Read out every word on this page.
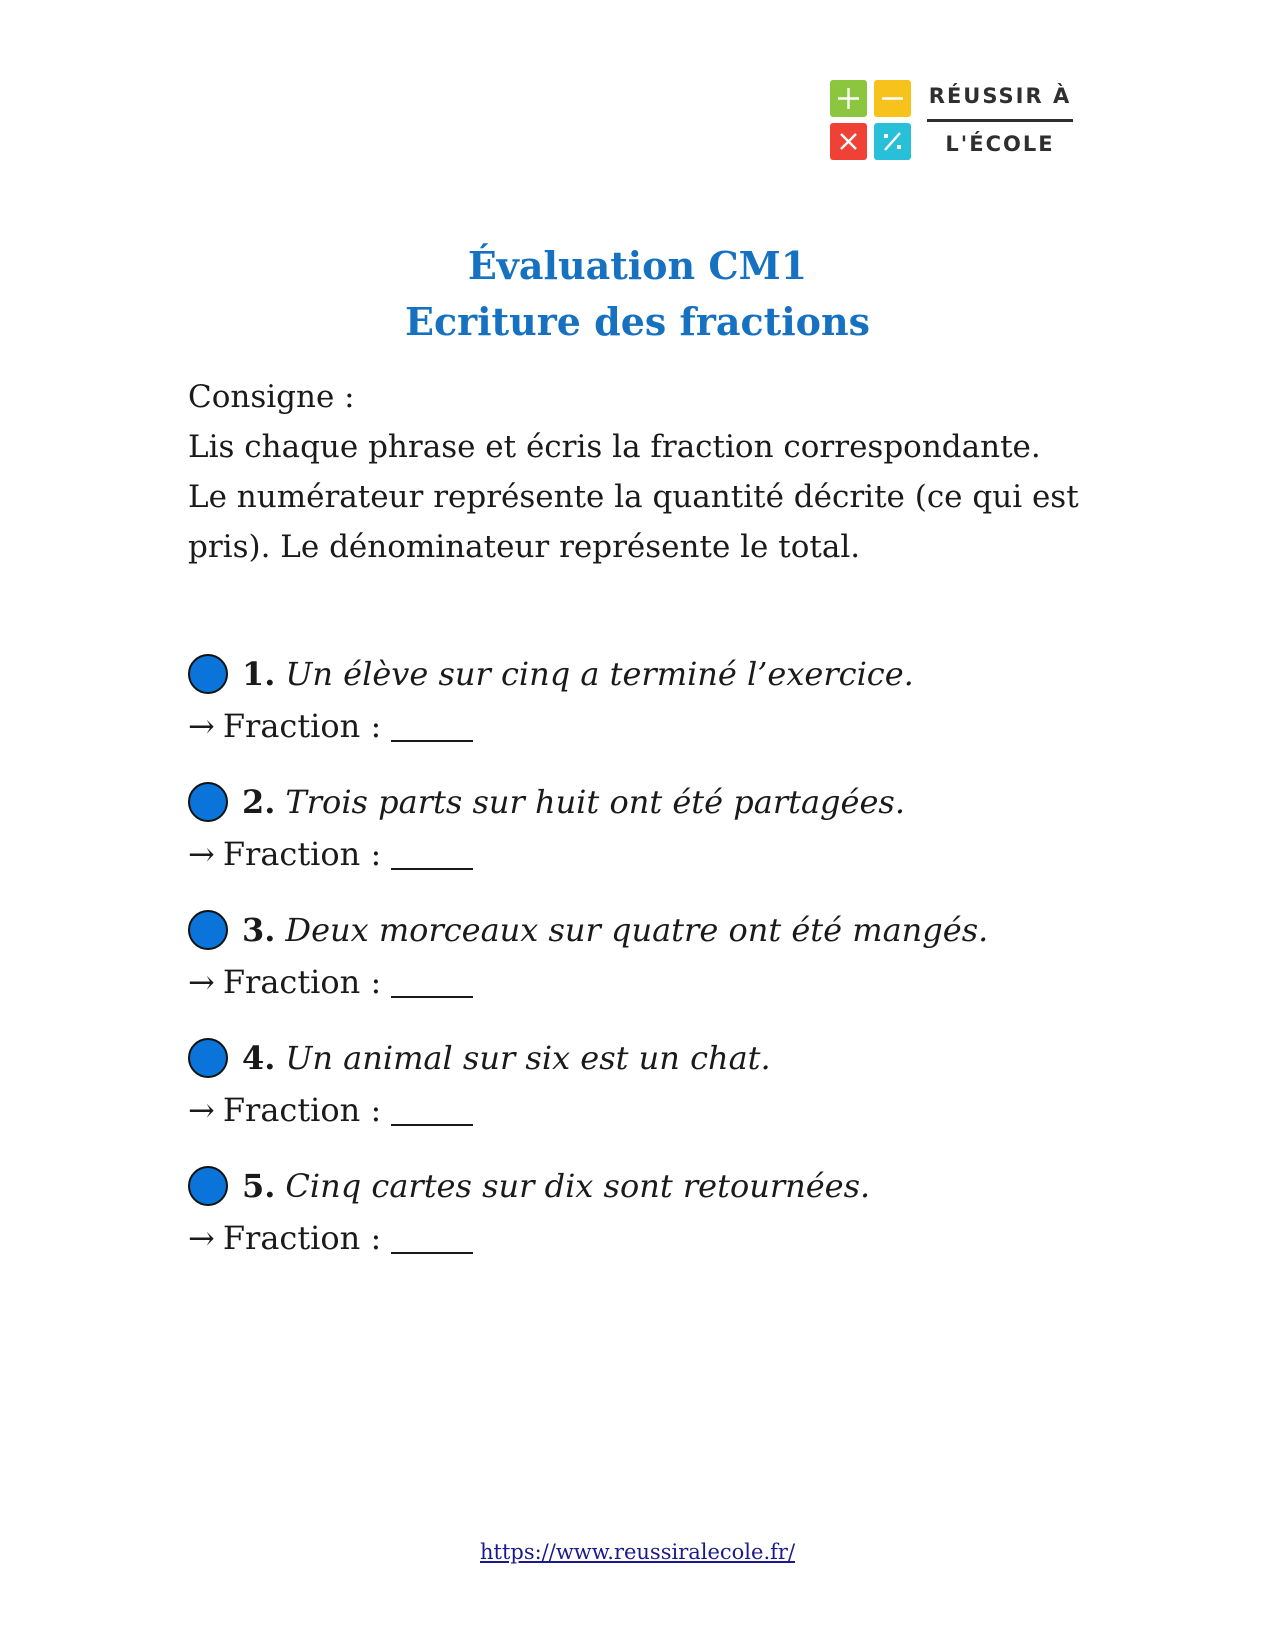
RÉUSSIR À
L'ÉCOLE
Évaluation CM1
Ecriture des fractions

Consigne :

Lis chaque phrase et écris la fraction correspondante.

Le numérateur représente la quantité décrite (ce qui est pris). Le dénominateur représente le total.

1. Un élève sur cinq a terminé l’exercice.
→ Fraction :
2. Trois parts sur huit ont été partagées.
→ Fraction :
3. Deux morceaux sur quatre ont été mangés.
→ Fraction :
4. Un animal sur six est un chat.
→ Fraction :
5. Cinq cartes sur dix sont retournées.
→ Fraction :
https://www.reussiralecole.fr/
